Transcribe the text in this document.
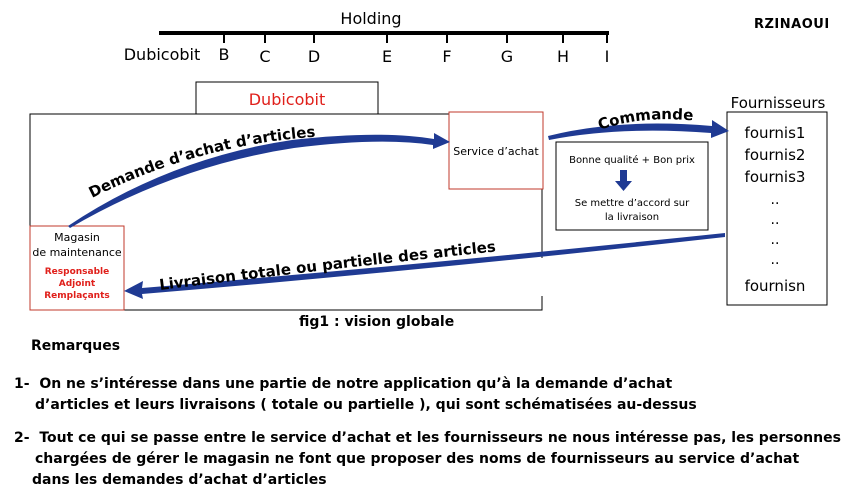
Holding
Dubicobit B C D	E	F	G	H I
Dubicobit
Service d’achat
Magasin
de maintenance
Responsable
Adjoint
Remplaçants
Bonne qualité + Bon prix
Se mettre d’accord sur
la livraison
Fournisseurs
fournis1
fournis2
fournis3
..
..
..
..
fournisn
Demande d’achat d’articles	Commande
Livraison totale ou partielle des articles
RZINAOUI
fig1 : vision globale
Remarques
1- On ne s’intéresse dans une partie de notre application qu’à la demande d’achat
d’articles et leurs livraisons ( totale ou partielle ), qui sont schématisées au-dessus
2- Tout ce qui se passe entre le service d’achat et les fournisseurs ne nous intéresse pas, les personnes
chargées de gérer le magasin ne font que proposer des noms de fournisseurs au service d’achat
dans les demandes d’achat d’articles
